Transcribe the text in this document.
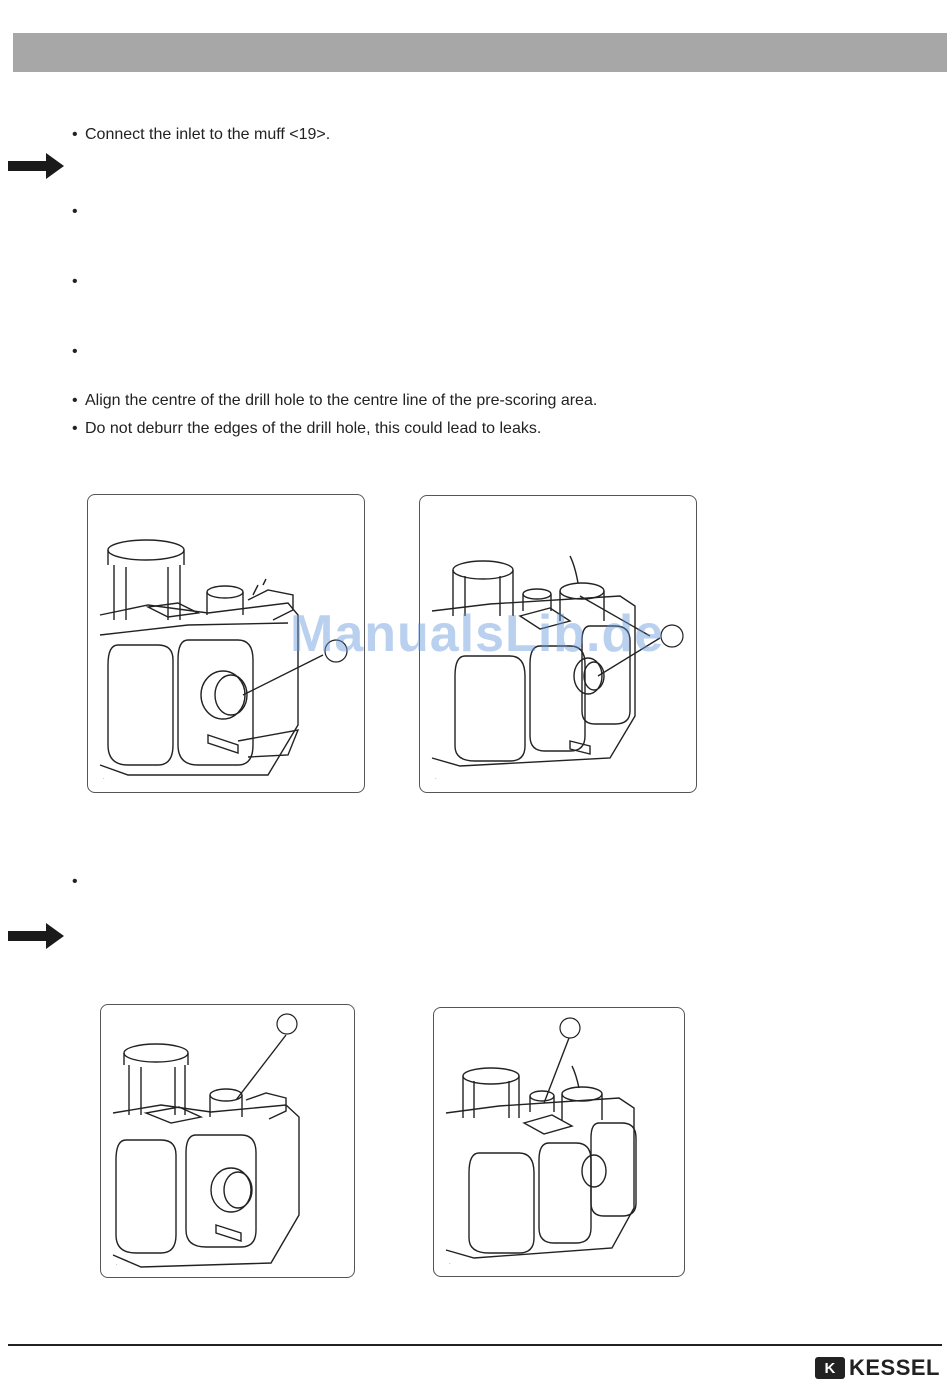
• Connect the inlet to the muff <19>.
•
•
•
• Align the centre of the drill hole to the centre line of the pre-scoring area.
• Do not deburr the edges of the drill hole, this could lead to leaks.
·	·
ManualsLib.de
•
·	·
K KESSEL
